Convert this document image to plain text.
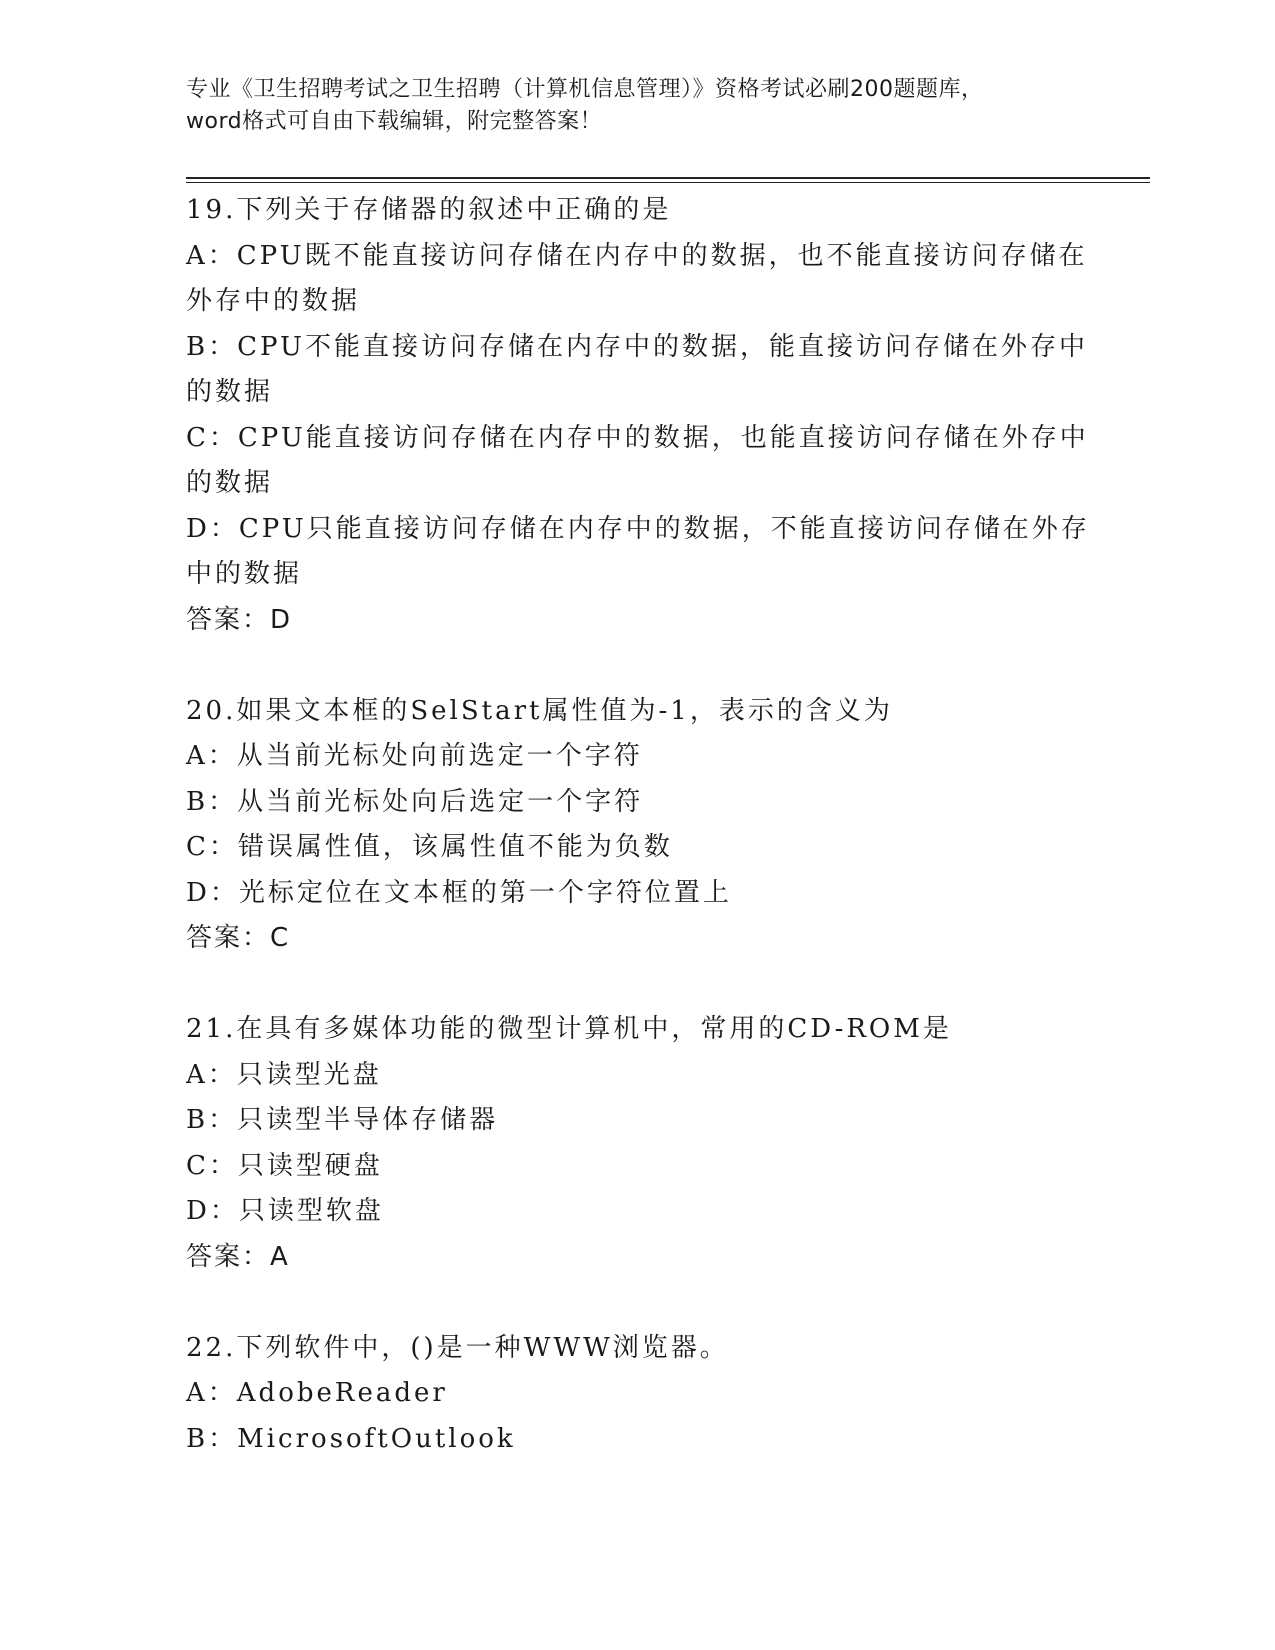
专业《卫生招聘考试之卫生招聘（计算机信息管理）》资格考试必刷200题题库，
word格式可自由下载编辑，附完整答案！
19.下列关于存储器的叙述中正确的是
A：CPU既不能直接访问存储在内存中的数据，也不能直接访问存储在
外存中的数据
B：CPU不能直接访问存储在内存中的数据，能直接访问存储在外存中
的数据
C：CPU能直接访问存储在内存中的数据，也能直接访问存储在外存中
的数据
D：CPU只能直接访问存储在内存中的数据，不能直接访问存储在外存
中的数据
答案：D
20.如果文本框的SelStart属性值为-1，表示的含义为
A：从当前光标处向前选定一个字符
B：从当前光标处向后选定一个字符
C：错误属性值，该属性值不能为负数
D：光标定位在文本框的第一个字符位置上
答案：C
21.在具有多媒体功能的微型计算机中，常用的CD-ROM是
A：只读型光盘
B：只读型半导体存储器
C：只读型硬盘
D：只读型软盘
答案：A
22.下列软件中，()是一种WWW浏览器。
A：AdobeReader
B：MicrosoftOutlook
